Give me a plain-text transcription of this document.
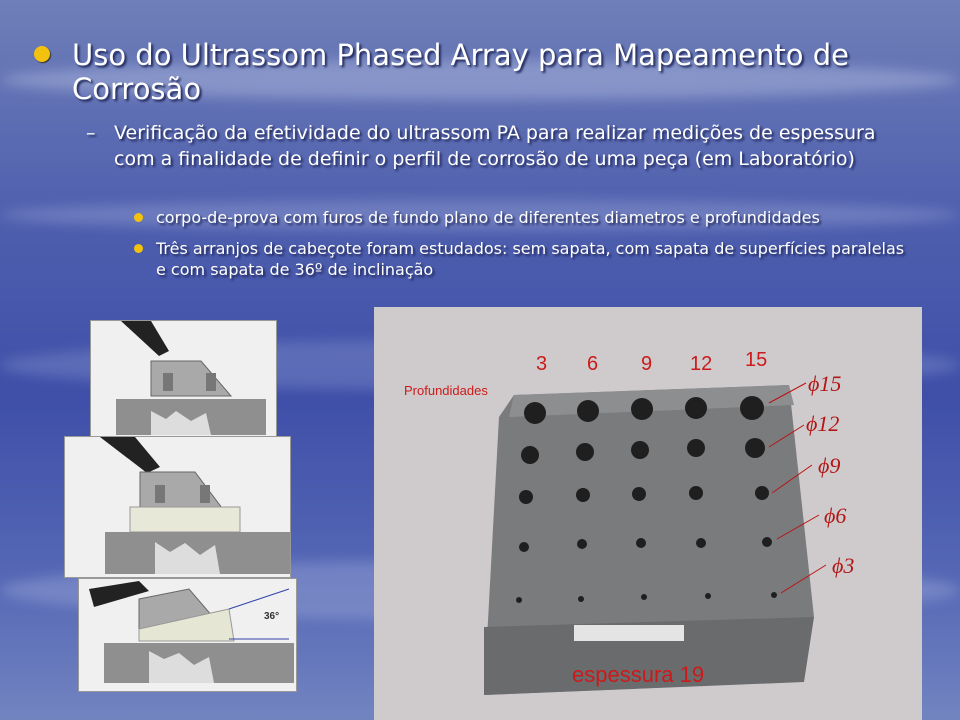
Uso do Ultrassom Phased Array para Mapeamento de Corrosão
– Verificação da efetividade do ultrassom PA para realizar medições de espessura com a finalidade de definir o perfil de corrosão de uma peça (em Laboratório)
corpo-de-prova com furos de fundo plano de diferentes diametros e profundidades
Três arranjos de cabeçote foram estudados: sem sapata, com sapata de superfícies paralelas e com sapata de 36º de inclinação
36°
Profundidades
3 6 9 12 15
ϕ15
ϕ12
ϕ9
ϕ6
ϕ3
espessura 19
